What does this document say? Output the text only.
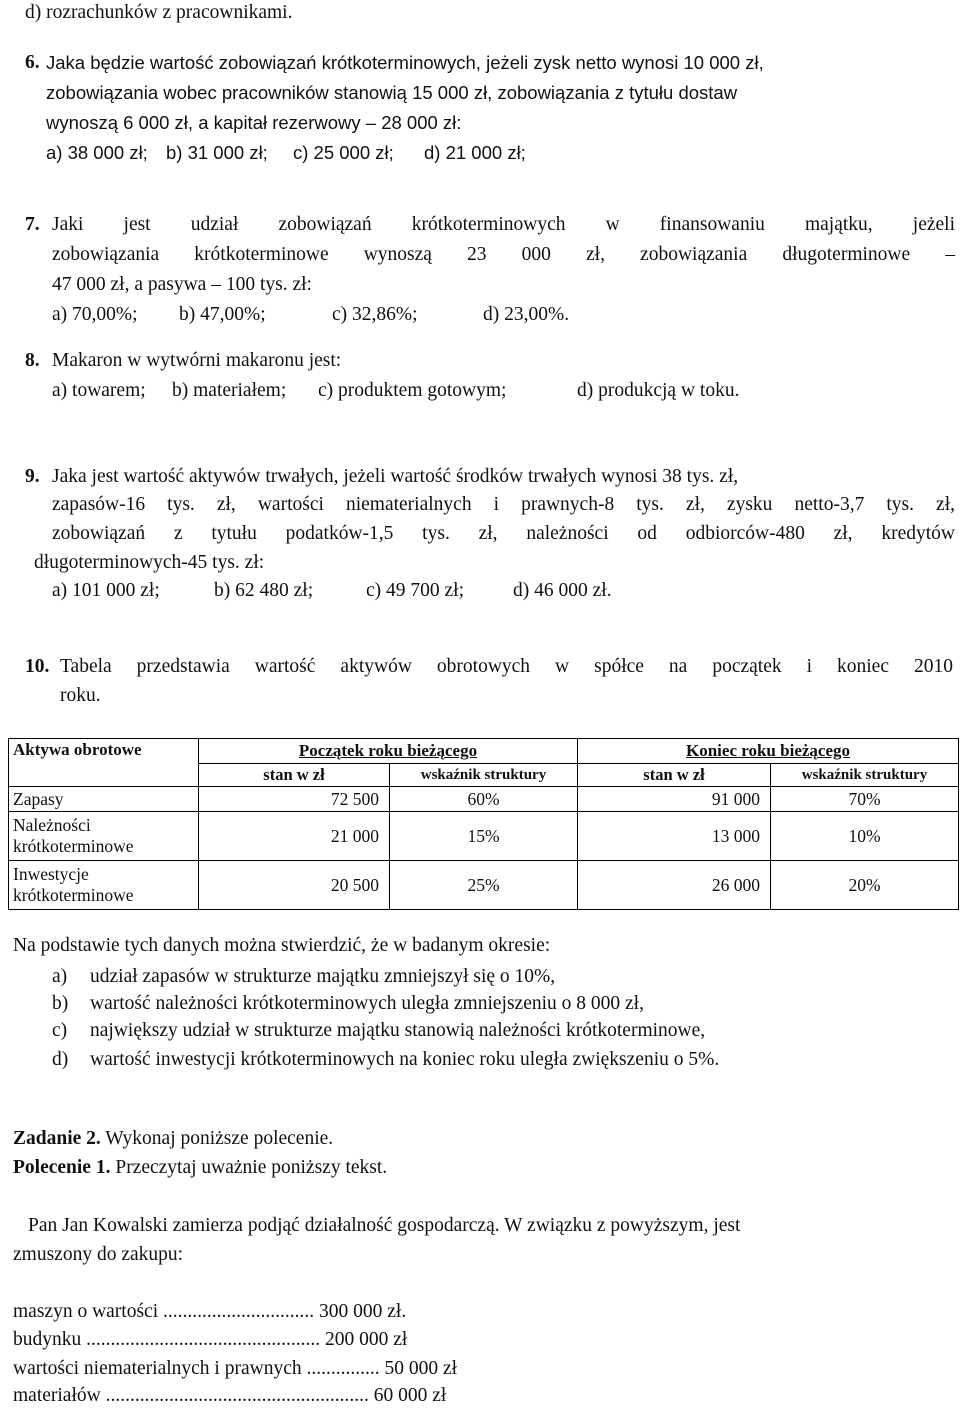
d) rozrachunków z pracownikami.
6. Jaka będzie wartość zobowiązań krótkoterminowych, jeżeli zysk netto wynosi 10 000 zł,
zobowiązania wobec pracowników stanowią 15 000 zł, zobowiązania z tytułu dostaw
wynoszą 6 000 zł, a kapitał rezerwowy – 28 000 zł:
a) 38 000 zł; b) 31 000 zł; c) 25 000 zł; d) 21 000 zł;
7. Jaki jest udział zobowiązań krótkoterminowych w finansowaniu majątku, jeżeli
zobowiązania krótkoterminowe wynoszą 23 000 zł, zobowiązania długoterminowe –
47 000 zł, a pasywa – 100 tys. zł:
a) 70,00%; b) 47,00%;	c) 32,86%;	d) 23,00%.
8. Makaron w wytwórni makaronu jest:
a) towarem; b) materiałem; c) produktem gotowym;	d) produkcją w toku.
9. Jaka jest wartość aktywów trwałych, jeżeli wartość środków trwałych wynosi 38 tys. zł,
zapasów-16 tys. zł, wartości niematerialnych i prawnych-8 tys. zł, zysku netto-3,7 tys. zł,
zobowiązań z tytułu podatków-1,5 tys. zł, należności od odbiorców-480 zł, kredytów
długoterminowych-45 tys. zł:
a) 101 000 zł;	b) 62 480 zł;	c) 49 700 zł;	d) 46 000 zł.
10. Tabela przedstawia wartość aktywów obrotowych w spółce na początek i koniec 2010
roku.
Aktywa obrotowe	Początek roku bieżącego		Koniec roku bieżącego	
	stan w zł	wskaźnik struktury	stan w zł	wskaźnik struktury
Zapasy	72 500	60%	91 000	70%

Należności
krótkoterminowe	21 000	15%	13 000	10%

Inwestycje
krótkoterminowe	20 500	25%	26 000	20%
Na podstawie tych danych można stwierdzić, że w badanym okresie:
a) udział zapasów w strukturze majątku zmniejszył się o 10%,
b) wartość należności krótkoterminowych uległa zmniejszeniu o 8 000 zł,
c) największy udział w strukturze majątku stanowią należności krótkoterminowe,
d) wartość inwestycji krótkoterminowych na koniec roku uległa zwiększeniu o 5%.
Zadanie 2. Wykonaj poniższe polecenie.
Polecenie 1. Przeczytaj uważnie poniższy tekst.
Pan Jan Kowalski zamierza podjąć działalność gospodarczą. W związku z powyższym, jest
zmuszony do zakupu:
maszyn o wartości ............................... 300 000 zł.
budynku ................................................ 200 000 zł
wartości niematerialnych i prawnych ............... 50 000 zł
materiałów ...................................................... 60 000 zł
